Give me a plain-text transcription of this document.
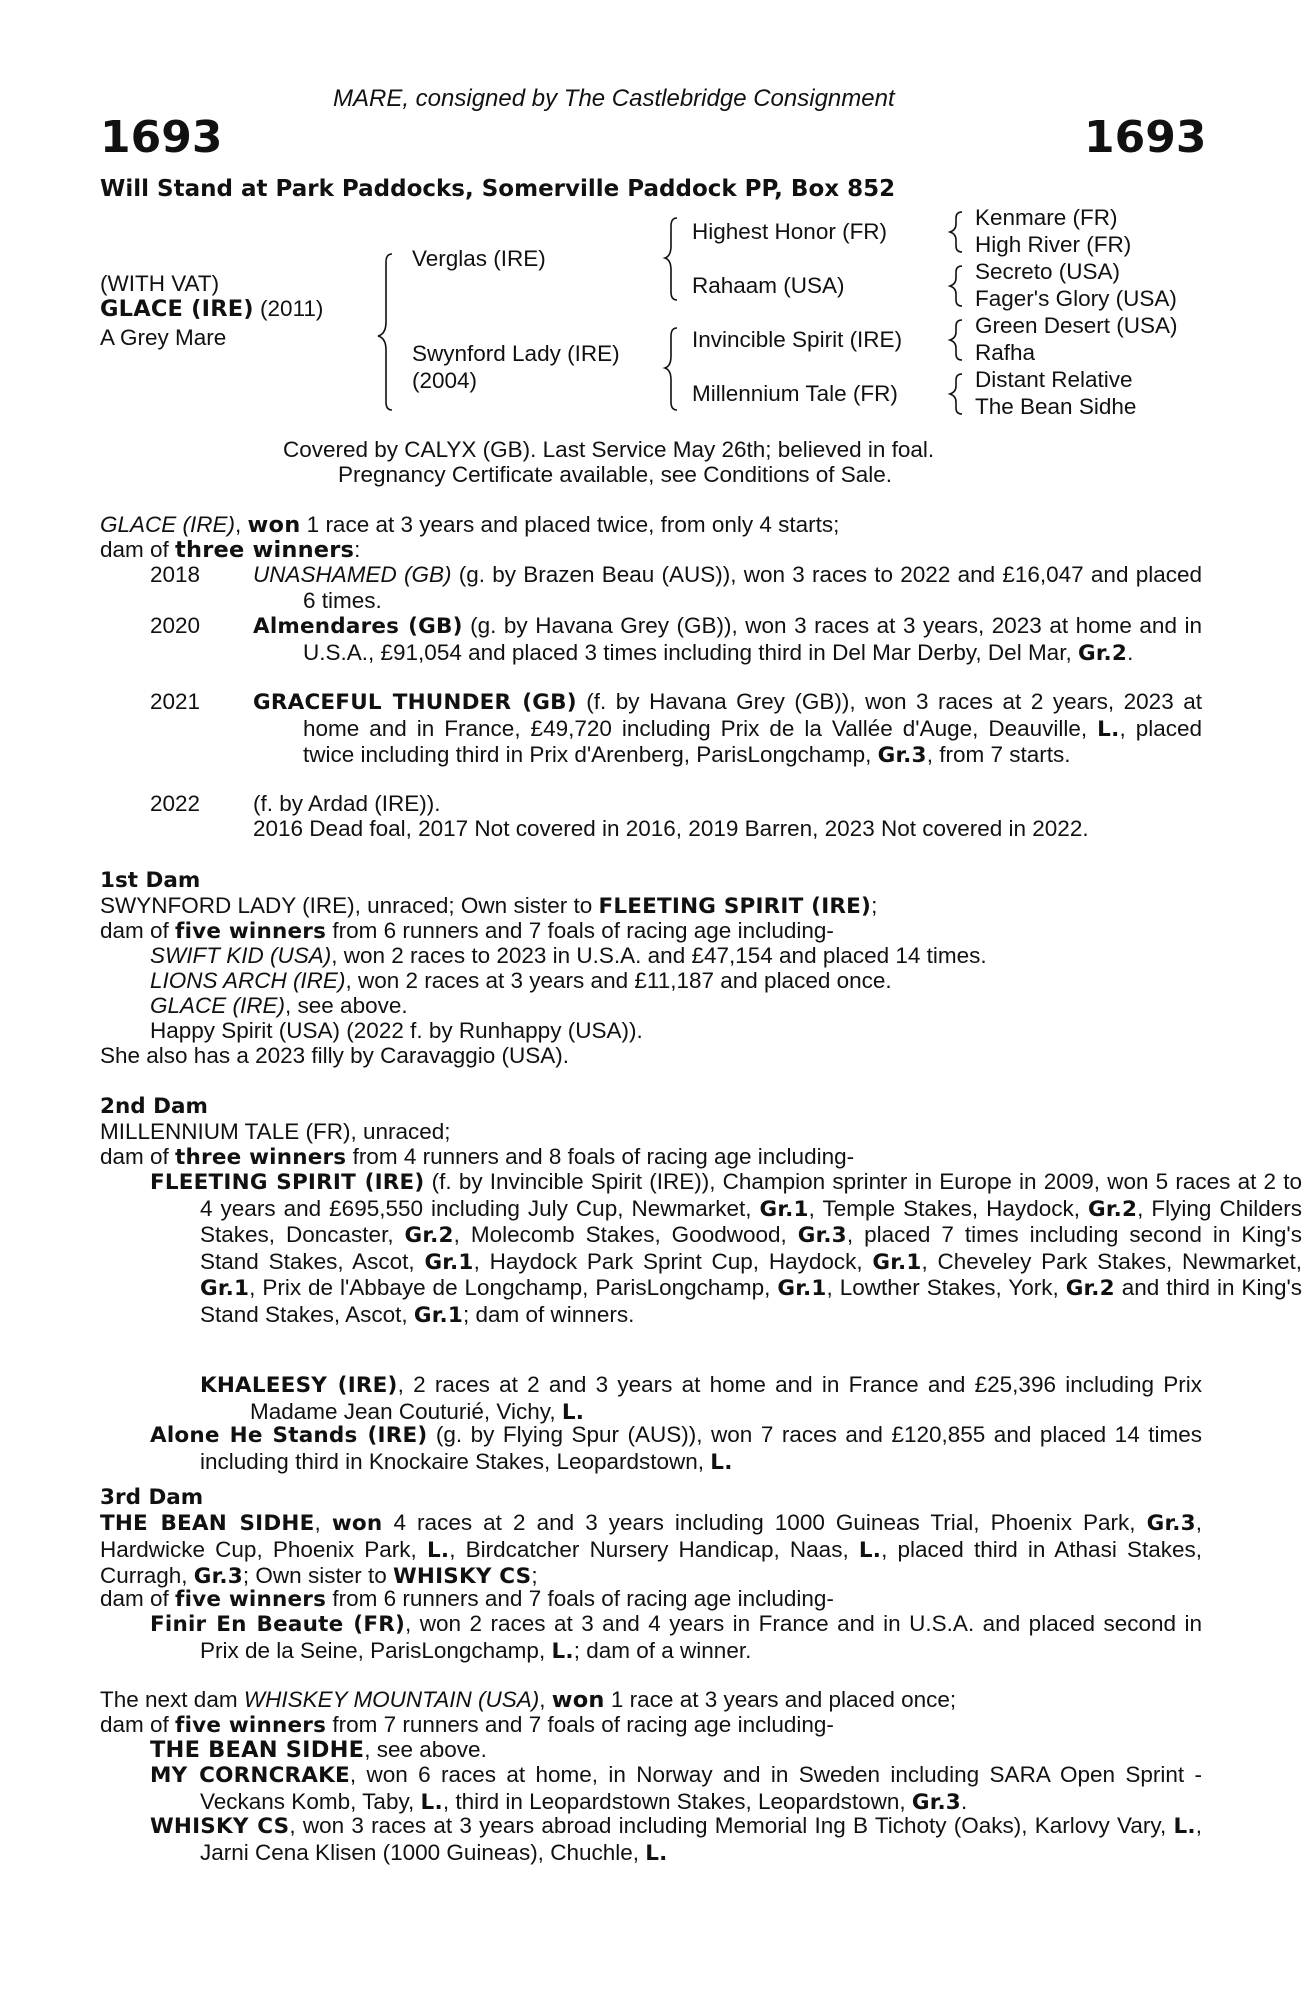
MARE, consigned by The Castlebridge Consignment
1693	1693
Will Stand at Park Paddocks, Somerville Paddock PP, Box 852
(WITH VAT)
GLACE (IRE) (2011)
A Grey Mare
Verglas (IRE)
Swynford Lady (IRE)
(2004)
Highest Honor (FR)
Rahaam (USA)
Invincible Spirit (IRE)
Millennium Tale (FR)
Kenmare (FR)
High River (FR)
Secreto (USA)
Fager's Glory (USA)
Green Desert (USA)
Rafha
Distant Relative
The Bean Sidhe
Covered by CALYX (GB). Last Service May 26th; believed in foal.
Pregnancy Certificate available, see Conditions of Sale.
GLACE (IRE), won 1 race at 3 years and placed twice, from only 4 starts;
dam of three winners:
2018 UNASHAMED (GB) (g. by Brazen Beau (AUS)), won 3 races to 2022 and £16,047 and placed 6 times.
2020 Almendares (GB) (g. by Havana Grey (GB)), won 3 races at 3 years, 2023 at home and in U.S.A., £91,054 and placed 3 times including third in Del Mar Derby, Del Mar, Gr.2.
2021 GRACEFUL THUNDER (GB) (f. by Havana Grey (GB)), won 3 races at 2 years, 2023 at home and in France, £49,720 including Prix de la Vallée d'Auge, Deauville, L., placed twice including third in Prix d'Arenberg, ParisLongchamp, Gr.3, from 7 starts.
2022 (f. by Ardad (IRE)).
2016 Dead foal, 2017 Not covered in 2016, 2019 Barren, 2023 Not covered in 2022.
1st Dam
SWYNFORD LADY (IRE), unraced; Own sister to FLEETING SPIRIT (IRE);
dam of five winners from 6 runners and 7 foals of racing age including-
SWIFT KID (USA), won 2 races to 2023 in U.S.A. and £47,154 and placed 14 times.
LIONS ARCH (IRE), won 2 races at 3 years and £11,187 and placed once.
GLACE (IRE), see above.
Happy Spirit (USA) (2022 f. by Runhappy (USA)).
She also has a 2023 filly by Caravaggio (USA).
2nd Dam
MILLENNIUM TALE (FR), unraced;
dam of three winners from 4 runners and 8 foals of racing age including-
FLEETING SPIRIT (IRE) (f. by Invincible Spirit (IRE)), Champion sprinter in Europe in 2009, won 5 races at 2 to 4 years and £695,550 including July Cup, Newmarket, Gr.1, Temple Stakes, Haydock, Gr.2, Flying Childers Stakes, Doncaster, Gr.2, Molecomb Stakes, Goodwood, Gr.3, placed 7 times including second in King's Stand Stakes, Ascot, Gr.1, Haydock Park Sprint Cup, Haydock, Gr.1, Cheveley Park Stakes, Newmarket, Gr.1, Prix de l'Abbaye de Longchamp, ParisLongchamp, Gr.1, Lowther Stakes, York, Gr.2 and third in King's Stand Stakes, Ascot, Gr.1; dam of winners.
KHALEESY (IRE), 2 races at 2 and 3 years at home and in France and £25,396 including Prix Madame Jean Couturié, Vichy, L.
Alone He Stands (IRE) (g. by Flying Spur (AUS)), won 7 races and £120,855 and placed 14 times including third in Knockaire Stakes, Leopardstown, L.
3rd Dam
THE BEAN SIDHE, won 4 races at 2 and 3 years including 1000 Guineas Trial, Phoenix Park, Gr.3, Hardwicke Cup, Phoenix Park, L., Birdcatcher Nursery Handicap, Naas, L., placed third in Athasi Stakes, Curragh, Gr.3; Own sister to WHISKY CS;
dam of five winners from 6 runners and 7 foals of racing age including-
Finir En Beaute (FR), won 2 races at 3 and 4 years in France and in U.S.A. and placed second in Prix de la Seine, ParisLongchamp, L.; dam of a winner.
The next dam WHISKEY MOUNTAIN (USA), won 1 race at 3 years and placed once;
dam of five winners from 7 runners and 7 foals of racing age including-
THE BEAN SIDHE, see above.
MY CORNCRAKE, won 6 races at home, in Norway and in Sweden including SARA Open Sprint - Veckans Komb, Taby, L., third in Leopardstown Stakes, Leopardstown, Gr.3.
WHISKY CS, won 3 races at 3 years abroad including Memorial Ing B Tichoty (Oaks), Karlovy Vary, L., Jarni Cena Klisen (1000 Guineas), Chuchle, L.
